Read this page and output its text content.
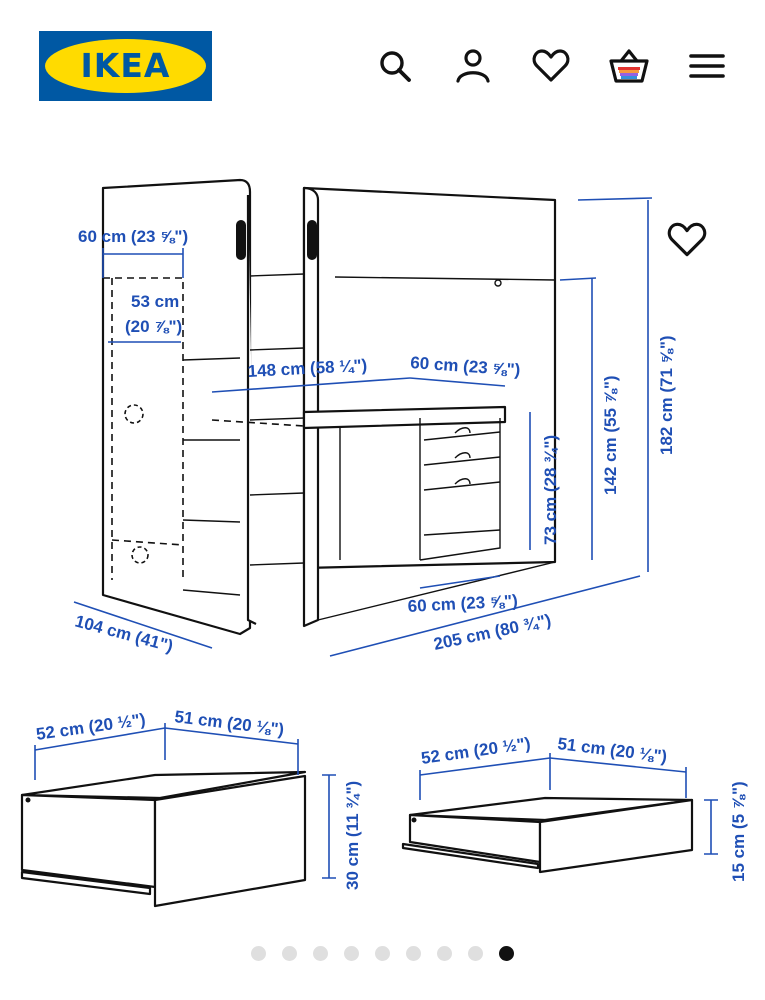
IKEA
60 cm (23 ⅝")
53 cm
(20 ⅞")
148 cm (58 ¼") 60 cm (23 ⅝")
73 cm (28 ¾") 142 cm (55 ⅞") 182 cm (71 ⅝")
60 cm (23 ⅝")
104 cm (41")	205 cm (80 ¾")
52 cm (20 ½") 51 cm (20 ⅛")
30 cm (11 ¾")
52 cm (20 ½") 51 cm (20 ⅛")
15 cm (5 ⅞")
